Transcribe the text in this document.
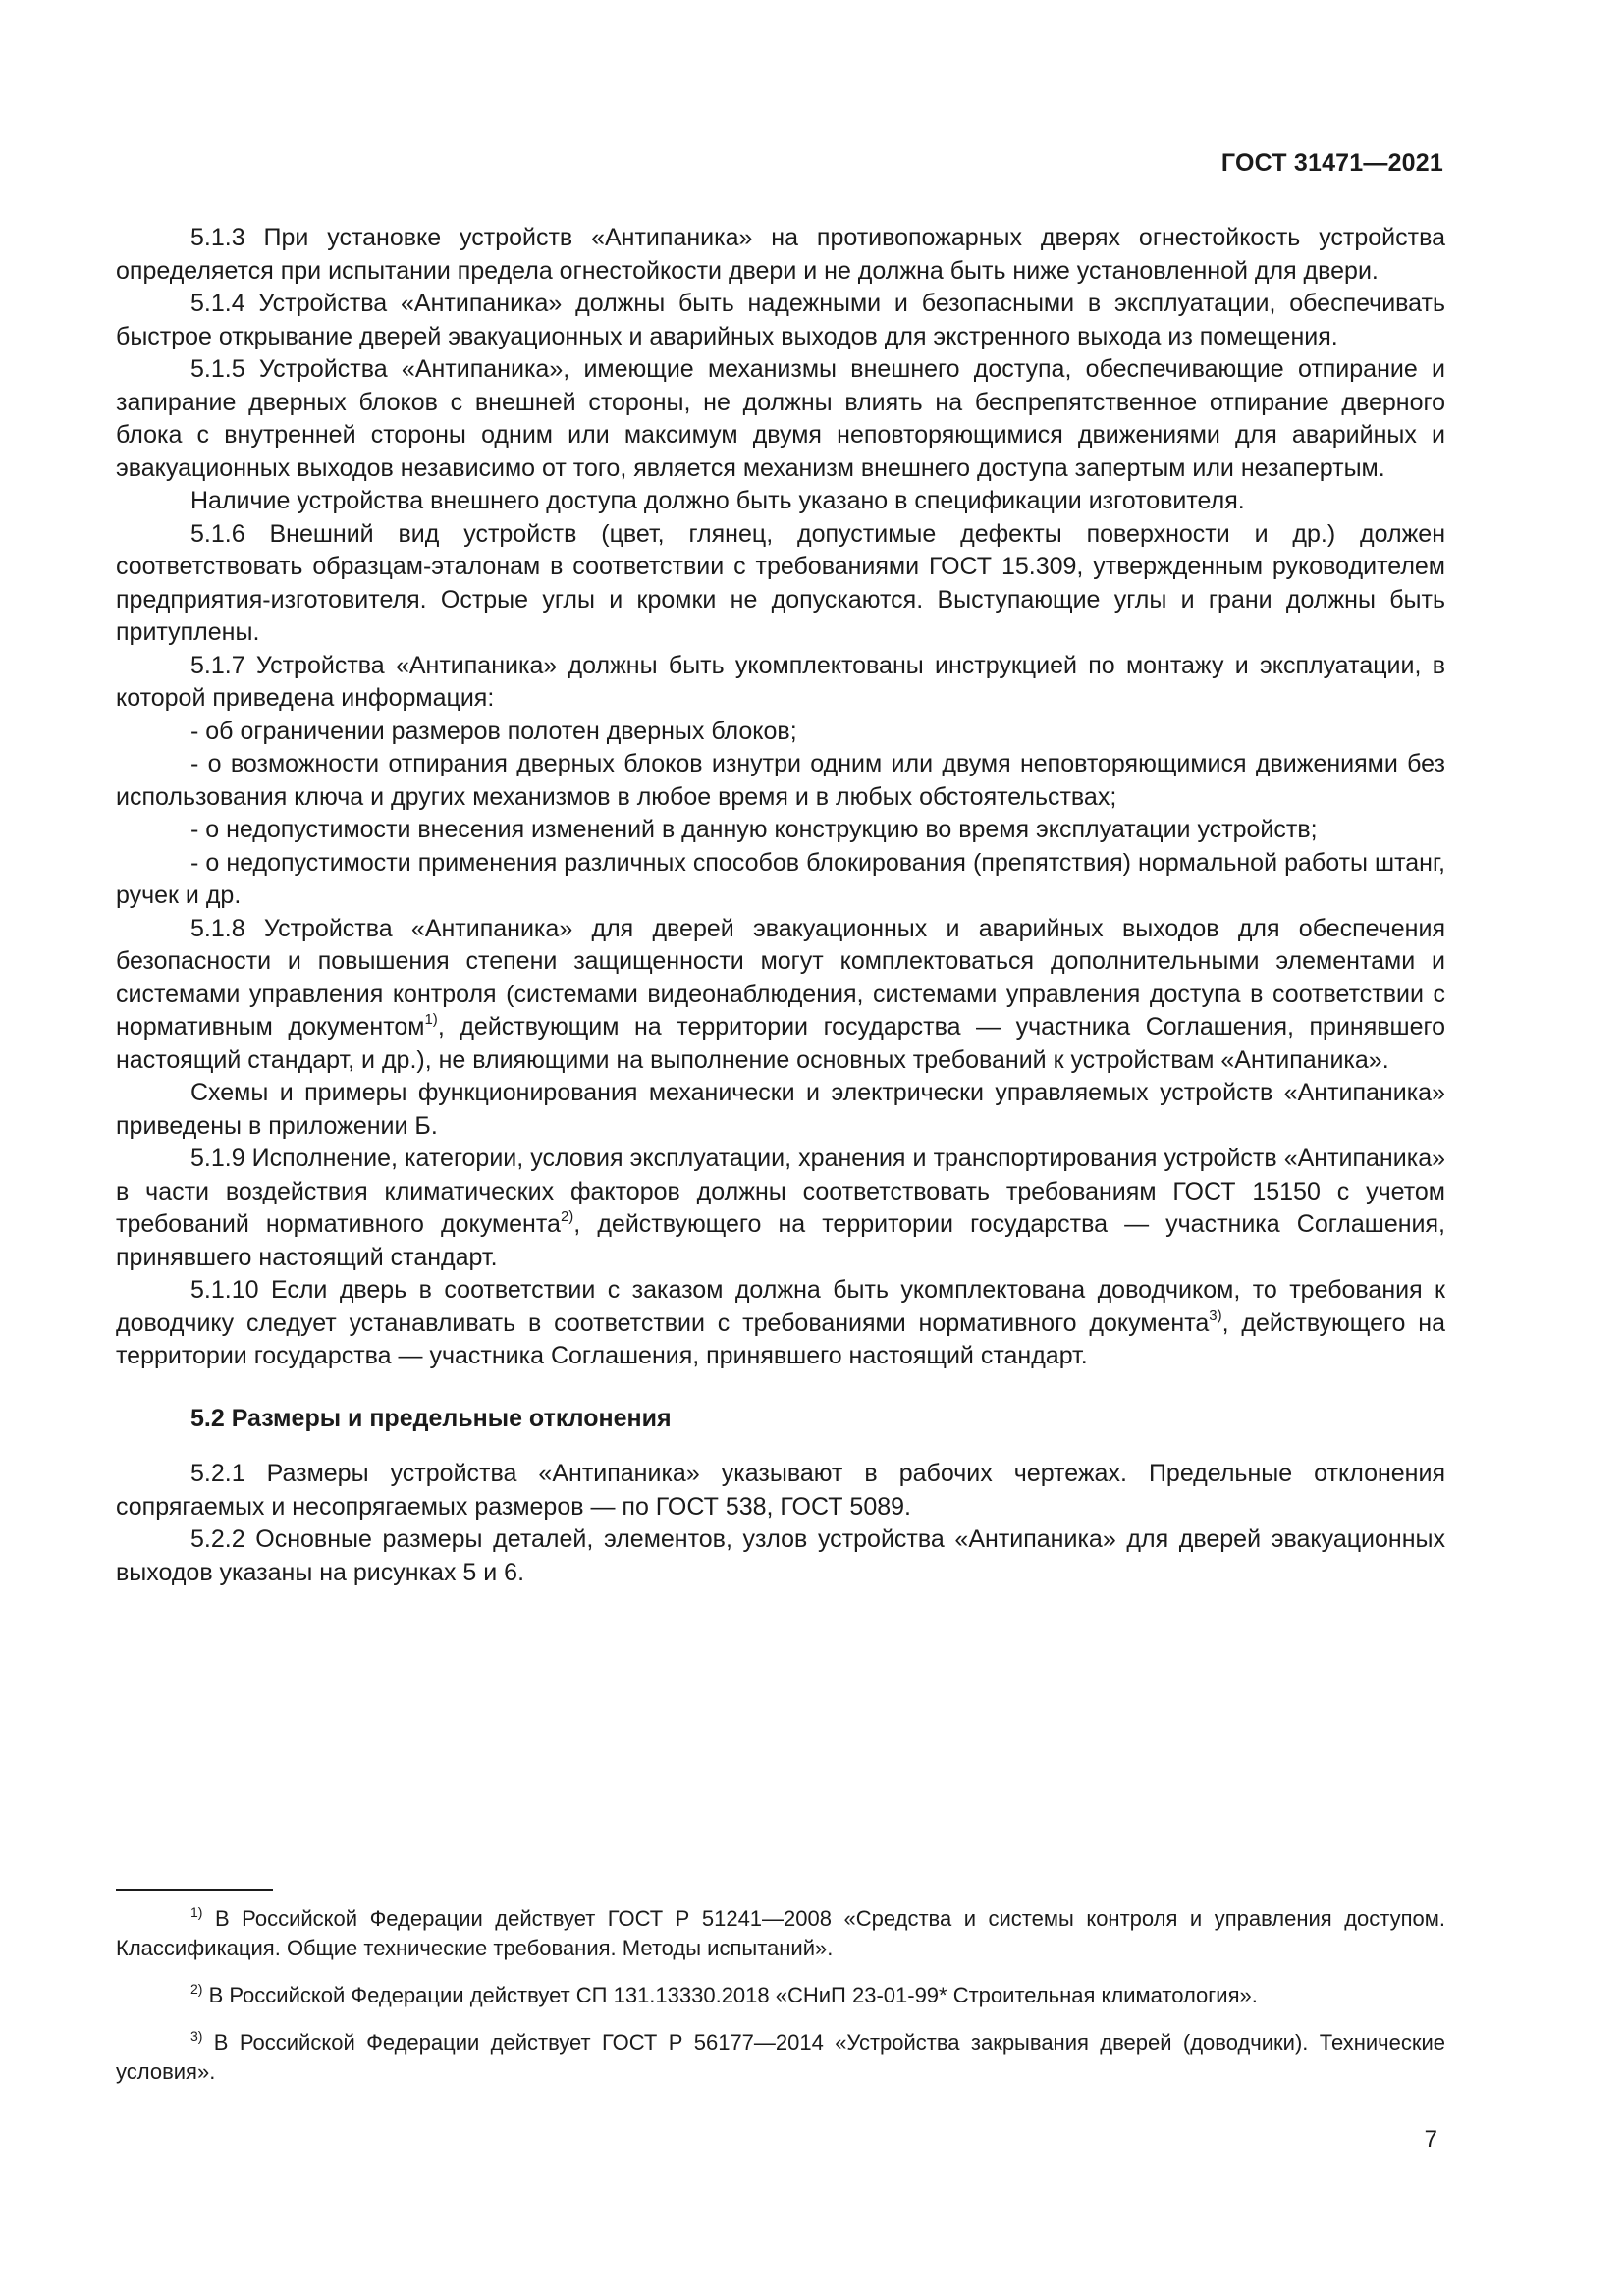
ГОСТ 31471—2021

5.1.3 При установке устройств «Антипаника» на противопожарных дверях огнестойкость устройства определяется при испытании предела огнестойкости двери и не должна быть ниже установленной для двери.

5.1.4 Устройства «Антипаника» должны быть надежными и безопасными в эксплуатации, обеспечивать быстрое открывание дверей эвакуационных и аварийных выходов для экстренного выхода из помещения.

5.1.5 Устройства «Антипаника», имеющие механизмы внешнего доступа, обеспечивающие отпирание и запирание дверных блоков с внешней стороны, не должны влиять на беспрепятственное отпирание дверного блока с внутренней стороны одним или максимум двумя неповторяющимися движениями для аварийных и эвакуационных выходов независимо от того, является механизм внешнего доступа запертым или незапертым.

Наличие устройства внешнего доступа должно быть указано в спецификации изготовителя.

5.1.6 Внешний вид устройств (цвет, глянец, допустимые дефекты поверхности и др.) должен соответствовать образцам-эталонам в соответствии с требованиями ГОСТ 15.309, утвержденным руководителем предприятия-изготовителя. Острые углы и кромки не допускаются. Выступающие углы и грани должны быть притуплены.

5.1.7 Устройства «Антипаника» должны быть укомплектованы инструкцией по монтажу и эксплуатации, в которой приведена информация:

- об ограничении размеров полотен дверных блоков;

- о возможности отпирания дверных блоков изнутри одним или двумя неповторяющимися движениями без использования ключа и других механизмов в любое время и в любых обстоятельствах;

- о недопустимости внесения изменений в данную конструкцию во время эксплуатации устройств;

- о недопустимости применения различных способов блокирования (препятствия) нормальной работы штанг, ручек и др.

5.1.8 Устройства «Антипаника» для дверей эвакуационных и аварийных выходов для обеспечения безопасности и повышения степени защищенности могут комплектоваться дополнительными элементами и системами управления контроля (системами видеонаблюдения, системами управления доступа в соответствии с нормативным документом$^{1)}$, действующим на территории государства — участника Соглашения, принявшего настоящий стандарт, и др.), не влияющими на выполнение основных требований к устройствам «Антипаника».

Схемы и примеры функционирования механически и электрически управляемых устройств «Антипаника» приведены в приложении Б.

5.1.9 Исполнение, категории, условия эксплуатации, хранения и транспортирования устройств «Антипаника» в части воздействия климатических факторов должны соответствовать требованиям ГОСТ 15150 с учетом требований нормативного документа$^{2)}$, действующего на территории государства — участника Соглашения, принявшего настоящий стандарт.

5.1.10 Если дверь в соответствии с заказом должна быть укомплектована доводчиком, то требования к доводчику следует устанавливать в соответствии с требованиями нормативного документа$^{3)}$, действующего на территории государства — участника Соглашения, принявшего настоящий стандарт.

5.2 Размеры и предельные отклонения

5.2.1 Размеры устройства «Антипаника» указывают в рабочих чертежах. Предельные отклонения сопрягаемых и несопрягаемых размеров — по ГОСТ 538, ГОСТ 5089.

5.2.2 Основные размеры деталей, элементов, узлов устройства «Антипаника» для дверей эвакуационных выходов указаны на рисунках 5 и 6.

$^{1)}$ В Российской Федерации действует ГОСТ Р 51241—2008 «Средства и системы контроля и управления доступом. Классификация. Общие технические требования. Методы испытаний».

$^{2)}$ В Российской Федерации действует СП 131.13330.2018 «СНиП 23-01-99* Строительная климатология».

$^{3)}$ В Российской Федерации действует ГОСТ Р 56177—2014 «Устройства закрывания дверей (доводчики). Технические условия».

7
